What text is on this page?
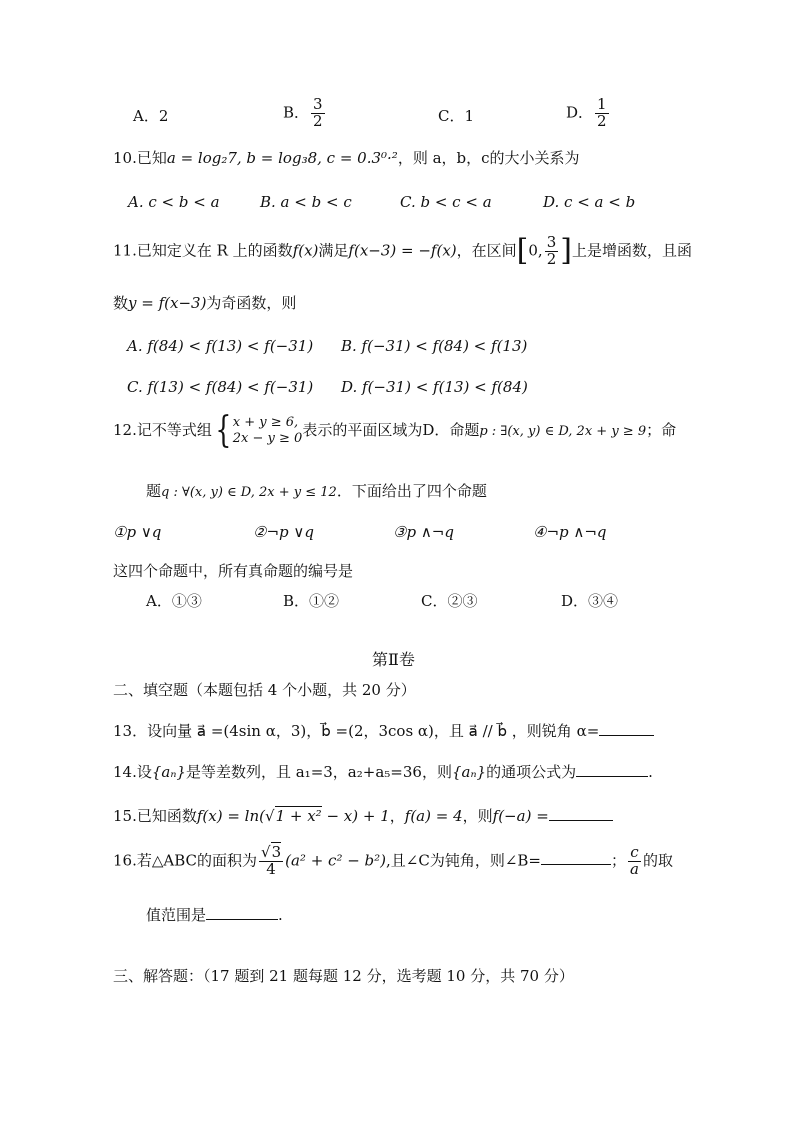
A．2	B． $\frac{3}{2}$	C．1	D． $\frac{1}{2}$
10.已知a = log₂7, b = log₃8, c = 0.3⁰·²，则 a，b，c的大小关系为
A. c < b < a	B. a < b < c	C. b < c < a	D. c < a < b
11.已知定义在 R 上的函数f(x)满足f(x−3) = −f(x)，在区间[0, $\frac{3}{2}$ ]上是增函数，且函
数y = f(x−3)为奇函数，则
A. f(84) < f(13) < f(−31) B. f(−31) < f(84) < f(13)
C. f(13) < f(84) < f(−31) D. f(−31) < f(13) < f(84)
12.记不等式组{ x + y ≥ 6,
2x − y ≥ 0 表示的平面区域为D．命题p : ∃(x, y) ∈ D, 2x + y ≥ 9；命
题q : ∀(x, y) ∈ D, 2x + y ≤ 12．下面给出了四个命题
①p ∨q	②¬p ∨q	③p ∧¬q	④¬p ∧¬q
这四个命题中，所有真命题的编号是
A．①③	B．①②	C．②③	D．③④
第Ⅱ卷
二、填空题（本题包括 4 个小题，共 20 分）
13．设向量 a⃗ =(4sin α，3)，b⃗ =(2，3cos α)，且 a⃗ // b⃗ ，则锐角 α=
14.设{aₙ}是等差数列，且 a₁=3，a₂+a₅=36，则{aₙ}的通项公式为	.
15.已知函数f(x) = ln(√1 + x² − x) + 1，f(a) = 4，则f(−a) =
16.若△ABC的面积为 $\frac{√3}{4} (a^2 + c^2 - b^2)$,且∠C为钝角，则∠B=	； $\frac{c}{a}$ 的取
值范围是	.
三、解答题：（17 题到 21 题每题 12 分，选考题 10 分，共 70 分）
